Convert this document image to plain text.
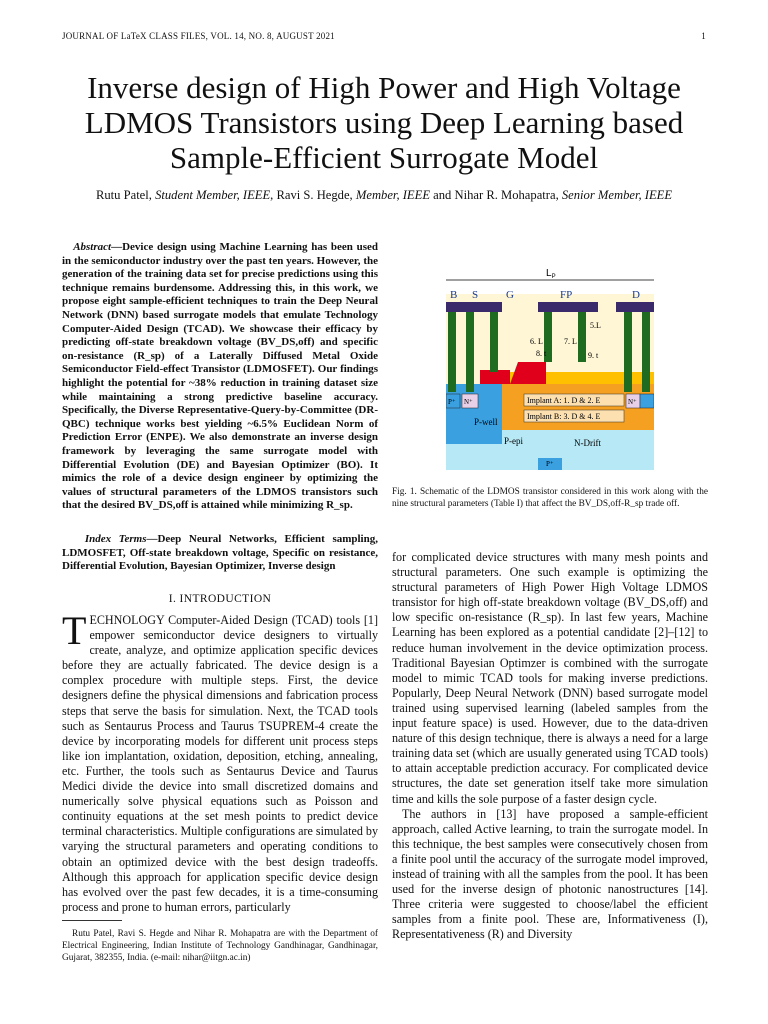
JOURNAL OF LaTeX CLASS FILES, VOL. 14, NO. 8, AUGUST 2021	1
Inverse design of High Power and High Voltage LDMOS Transistors using Deep Learning based Sample-Efficient Surrogate Model
Rutu Patel, Student Member, IEEE, Ravi S. Hegde, Member, IEEE and Nihar R. Mohapatra, Senior Member, IEEE
Abstract—Device design using Machine Learning has been used in the semiconductor industry over the past ten years. However, the generation of the training data set for precise predictions using this technique remains burdensome. Addressing this, in this work, we propose eight sample-efficient techniques to train the Deep Neural Network (DNN) based surrogate models that emulate Technology Computer-Aided Design (TCAD). We showcase their efficacy by predicting off-state breakdown voltage (BV_DS,off) and specific on-resistance (R_sp) of a Laterally Diffused Metal Oxide Semiconductor Field-effect Transistor (LDMOSFET). Our findings highlight the potential for ~38% reduction in training dataset size while maintaining a strong predictive baseline accuracy. Specifically, the Diverse Representative-Query-by-Committee (DR-QBC) technique works best yielding ~6.5% Euclidean Norm of Prediction Error (ENPE). We also demonstrate an inverse design framework by leveraging the same surrogate model with Differential Evolution (DE) and Bayesian Optimizer (BO). It mimics the role of a device design engineer by optimizing the values of structural parameters of the LDMOS transistors such that the desired BV_DS,off is attained while minimizing R_sp.
Index Terms—Deep Neural Networks, Efficient sampling, LDMOSFET, Off-state breakdown voltage, Specific on resistance, Differential Evolution, Bayesian Optimizer, Inverse design
I. INTRODUCTION
TECHNOLOGY Computer-Aided Design (TCAD) tools [1] empower semiconductor device designers to virtually create, analyze, and optimize application specific devices before they are actually fabricated. The device design is a complex procedure with multiple steps. First, the device designers define the physical dimensions and fabrication process steps that serve the basis for simulation. Next, the TCAD tools such as Sentaurus Process and Taurus TSUPREM-4 create the device by incorporating models for different unit process steps like ion implantation, oxidation, deposition, etching, annealing, etc. Further, the tools such as Sentaurus Device and Taurus Medici divide the device into small discretized domains and numerically solve physical equations such as Poisson and continuity equations at the set mesh points to predict device terminal characteristics. Multiple configurations are simulated by varying the structural parameters and operating conditions to obtain an optimized device with the best design tradeoffs. Although this approach for application specific device design has evolved over the past few decades, it is a time-consuming process and prone to human errors, particularly
Rutu Patel, Ravi S. Hegde and Nihar R. Mohapatra are with the Department of Electrical Engineering, Indian Institute of Technology Gandhinagar, Gandhinagar, Gujarat, 382355, India. (e-mail: nihar@iitgn.ac.in)
$L_P$
B S	G	FP	D
5.L
6. L	7. L
8. t	9. t
Implant A: 1. D & 2. E
Implant B: 3. D & 4. E
P⁺ N⁺
P-well
P-epi	N-Drift
N⁺
P⁺
Fig. 1. Schematic of the LDMOS transistor considered in this work along with the nine structural parameters (Table I) that affect the BV_DS,off-R_sp trade off.

for complicated device structures with many mesh points and structural parameters. One such example is optimizing the structural parameters of High Power High Voltage LDMOS transistor for high off-state breakdown voltage (BV_DS,off) and low specific on-resistance (R_sp). In last few years, Machine Learning has been explored as a potential candidate [2]–[12] to reduce human involvement in the device optimization process. Traditional Bayesian Optimzer is combined with the surrogate model to mimic TCAD tools for making inverse predictions. Popularly, Deep Neural Network (DNN) based surrogate model trained using supervised learning (labeled samples from the input feature space) is used. However, due to the data-driven nature of this design technique, there is always a need for a large training data set (which are usually generated using TCAD tools) to attain acceptable prediction accuracy. For complicated device structures, the date set generation itself take more simulation time and kills the sole purpose of a faster design cycle.

The authors in [13] have proposed a sample-efficient approach, called Active learning, to train the surrogate model. In this technique, the best samples were consecutively chosen from a finite pool until the accuracy of the surrogate model improved, instead of training with all the samples from the pool. It has been used for the inverse design of photonic nanostructures [14]. Three criteria were suggested to choose/label the efficient samples from a finite pool. These are, Informativeness (I), Representativeness (R) and Diversity
